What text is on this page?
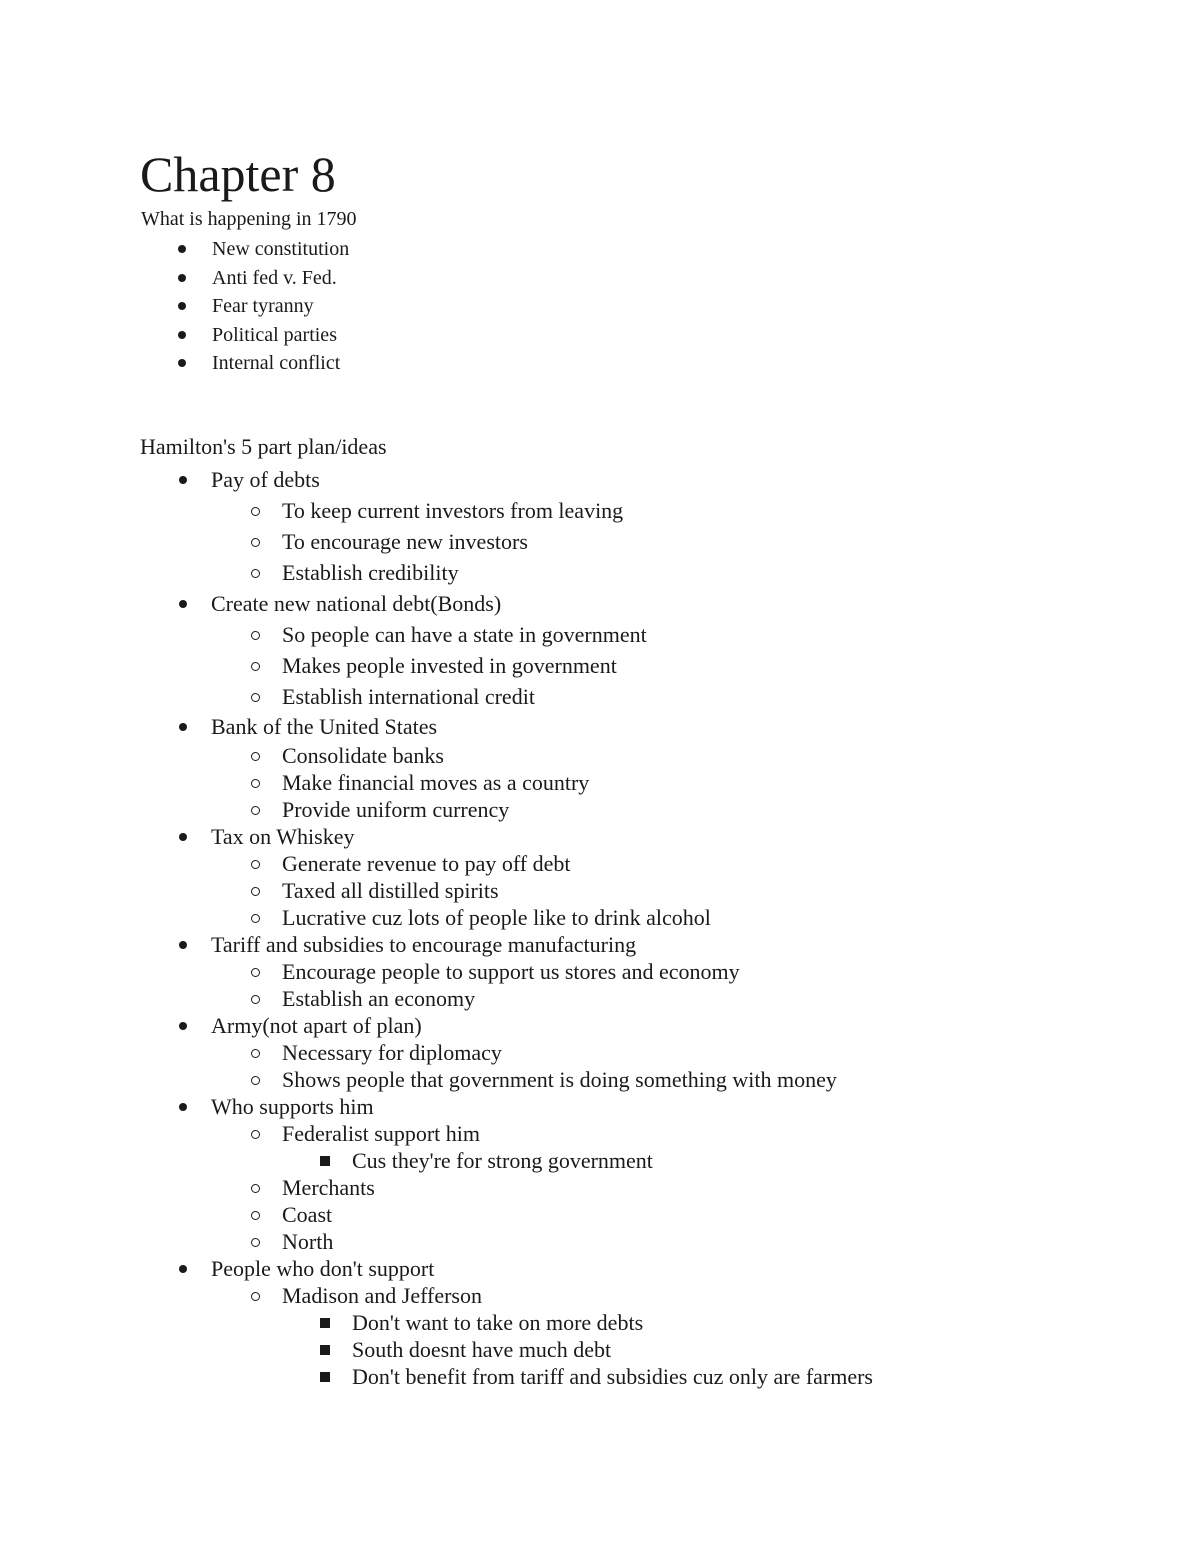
Chapter 8
What is happening in 1790
New constitution
Anti fed v. Fed.
Fear tyranny
Political parties
Internal conflict
Hamilton's 5 part plan/ideas
Pay of debts
To keep current investors from leaving
To encourage new investors
Establish credibility
Create new national debt(Bonds)
So people can have a state in government
Makes people invested in government
Establish international credit
Bank of the United States
Consolidate banks
Make financial moves as a country
Provide uniform currency
Tax on Whiskey
Generate revenue to pay off debt
Taxed all distilled spirits
Lucrative cuz lots of people like to drink alcohol
Tariff and subsidies to encourage manufacturing
Encourage people to support us stores and economy
Establish an economy
Army(not apart of plan)
Necessary for diplomacy
Shows people that government is doing something with money
Who supports him
Federalist support him
Cus they're for strong government
Merchants
Coast
North
People who don't support
Madison and Jefferson
Don't want to take on more debts
South doesnt have much debt
Don't benefit from tariff and subsidies cuz only are farmers
